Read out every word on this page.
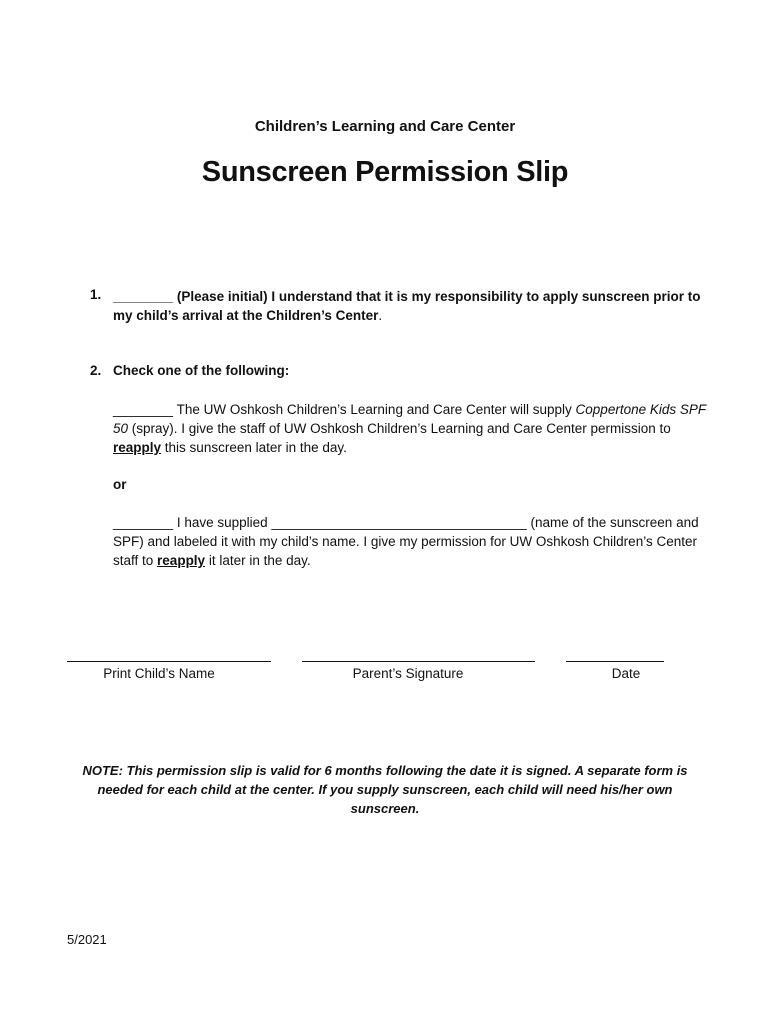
Children’s Learning and Care Center
Sunscreen Permission Slip
1. ________ (Please initial) I understand that it is my responsibility to apply sunscreen prior to my child’s arrival at the Children’s Center.
2. Check one of the following:
________ The UW Oshkosh Children’s Learning and Care Center will supply Coppertone Kids SPF 50 (spray). I give the staff of UW Oshkosh Children’s Learning and Care Center permission to reapply this sunscreen later in the day.
or
________ I have supplied __________________________________ (name of the sunscreen and SPF) and labeled it with my child’s name. I give my permission for UW Oshkosh Children’s Center staff to reapply it later in the day.
Print Child’s Name	Parent’s Signature	Date
NOTE: This permission slip is valid for 6 months following the date it is signed. A separate form is needed for each child at the center. If you supply sunscreen, each child will need his/her own sunscreen.
5/2021
